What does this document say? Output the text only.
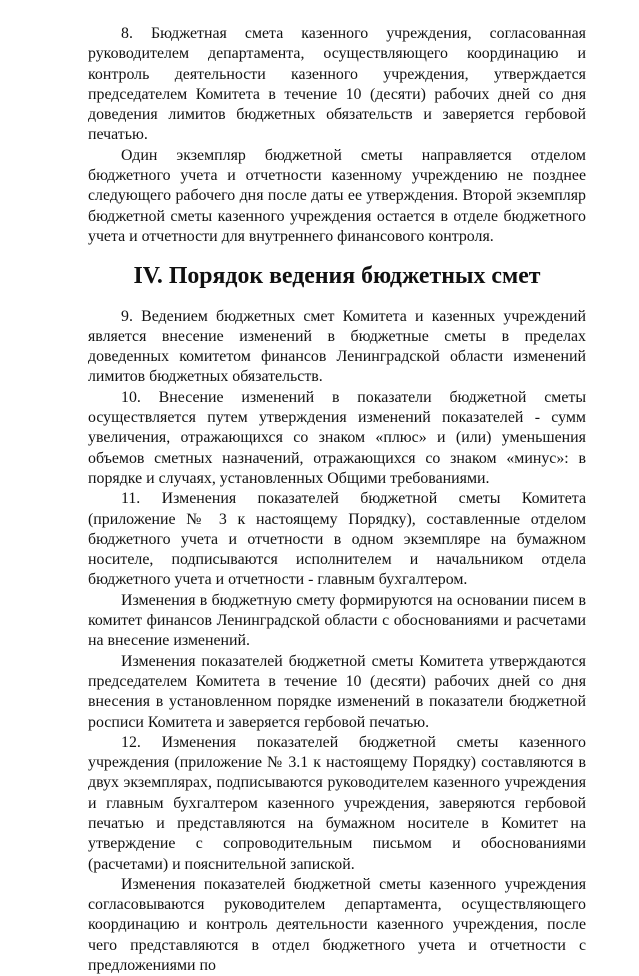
8. Бюджетная смета казенного учреждения, согласованная руководителем департамента, осуществляющего координацию и контроль деятельности казенного учреждения, утверждается председателем Комитета в течение 10 (десяти) рабочих дней со дня доведения лимитов бюджетных обязательств и заверяется гербовой печатью.

Один экземпляр бюджетной сметы направляется отделом бюджетного учета и отчетности казенному учреждению не позднее следующего рабочего дня после даты ее утверждения. Второй экземпляр бюджетной сметы казенного учреждения остается в отделе бюджетного учета и отчетности для внутреннего финансового контроля.

IV. Порядок ведения бюджетных смет

9. Ведением бюджетных смет Комитета и казенных учреждений является внесение изменений в бюджетные сметы в пределах доведенных комитетом финансов Ленинградской области изменений лимитов бюджетных обязательств.

10. Внесение изменений в показатели бюджетной сметы осуществляется путем утверждения изменений показателей - сумм увеличения, отражающихся со знаком «плюс» и (или) уменьшения объемов сметных назначений, отражающихся со знаком «минус»: в порядке и случаях, установленных Общими требованиями.

11. Изменения показателей бюджетной сметы Комитета (приложение № 3 к настоящему Порядку), составленные отделом бюджетного учета и отчетности в одном экземпляре на бумажном носителе, подписываются исполнителем и начальником отдела бюджетного учета и отчетности - главным бухгалтером.

Изменения в бюджетную смету формируются на основании писем в комитет финансов Ленинградской области с обоснованиями и расчетами на внесение изменений.

Изменения показателей бюджетной сметы Комитета утверждаются председателем Комитета в течение 10 (десяти) рабочих дней со дня внесения в установленном порядке изменений в показатели бюджетной росписи Комитета и заверяется гербовой печатью.

12. Изменения показателей бюджетной сметы казенного учреждения (приложение № 3.1 к настоящему Порядку) составляются в двух экземплярах, подписываются руководителем казенного учреждения и главным бухгалтером казенного учреждения, заверяются гербовой печатью и представляются на бумажном носителе в Комитет на утверждение с сопроводительным письмом и обоснованиями (расчетами) и пояснительной запиской.

Изменения показателей бюджетной сметы казенного учреждения согласовываются руководителем департамента, осуществляющего координацию и контроль деятельности казенного учреждения, после чего представляются в отдел бюджетного учета и отчетности с предложениями по
